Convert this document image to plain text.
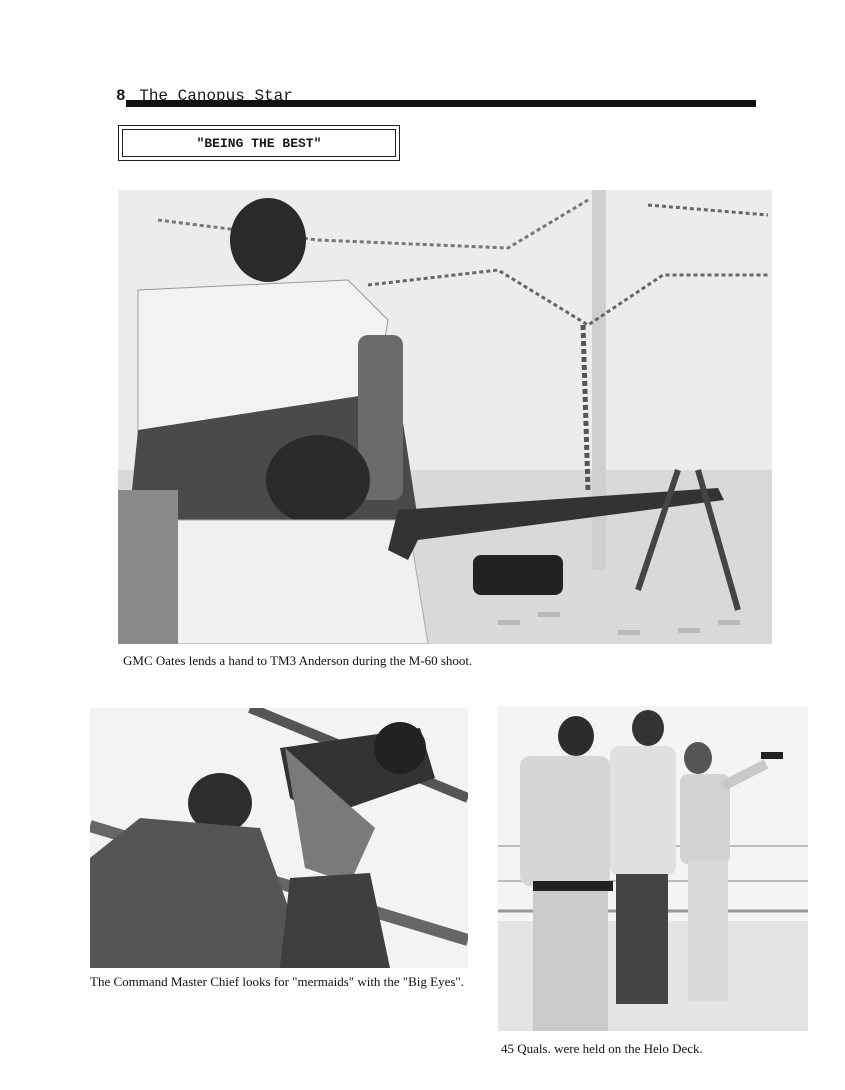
8 The Canopus Star
"BEING THE BEST"
GMC Oates lends a hand to TM3 Anderson during the M-60 shoot.
The Command Master Chief looks for "mermaids" with the "Big Eyes".
45 Quals. were held on the Helo Deck.
